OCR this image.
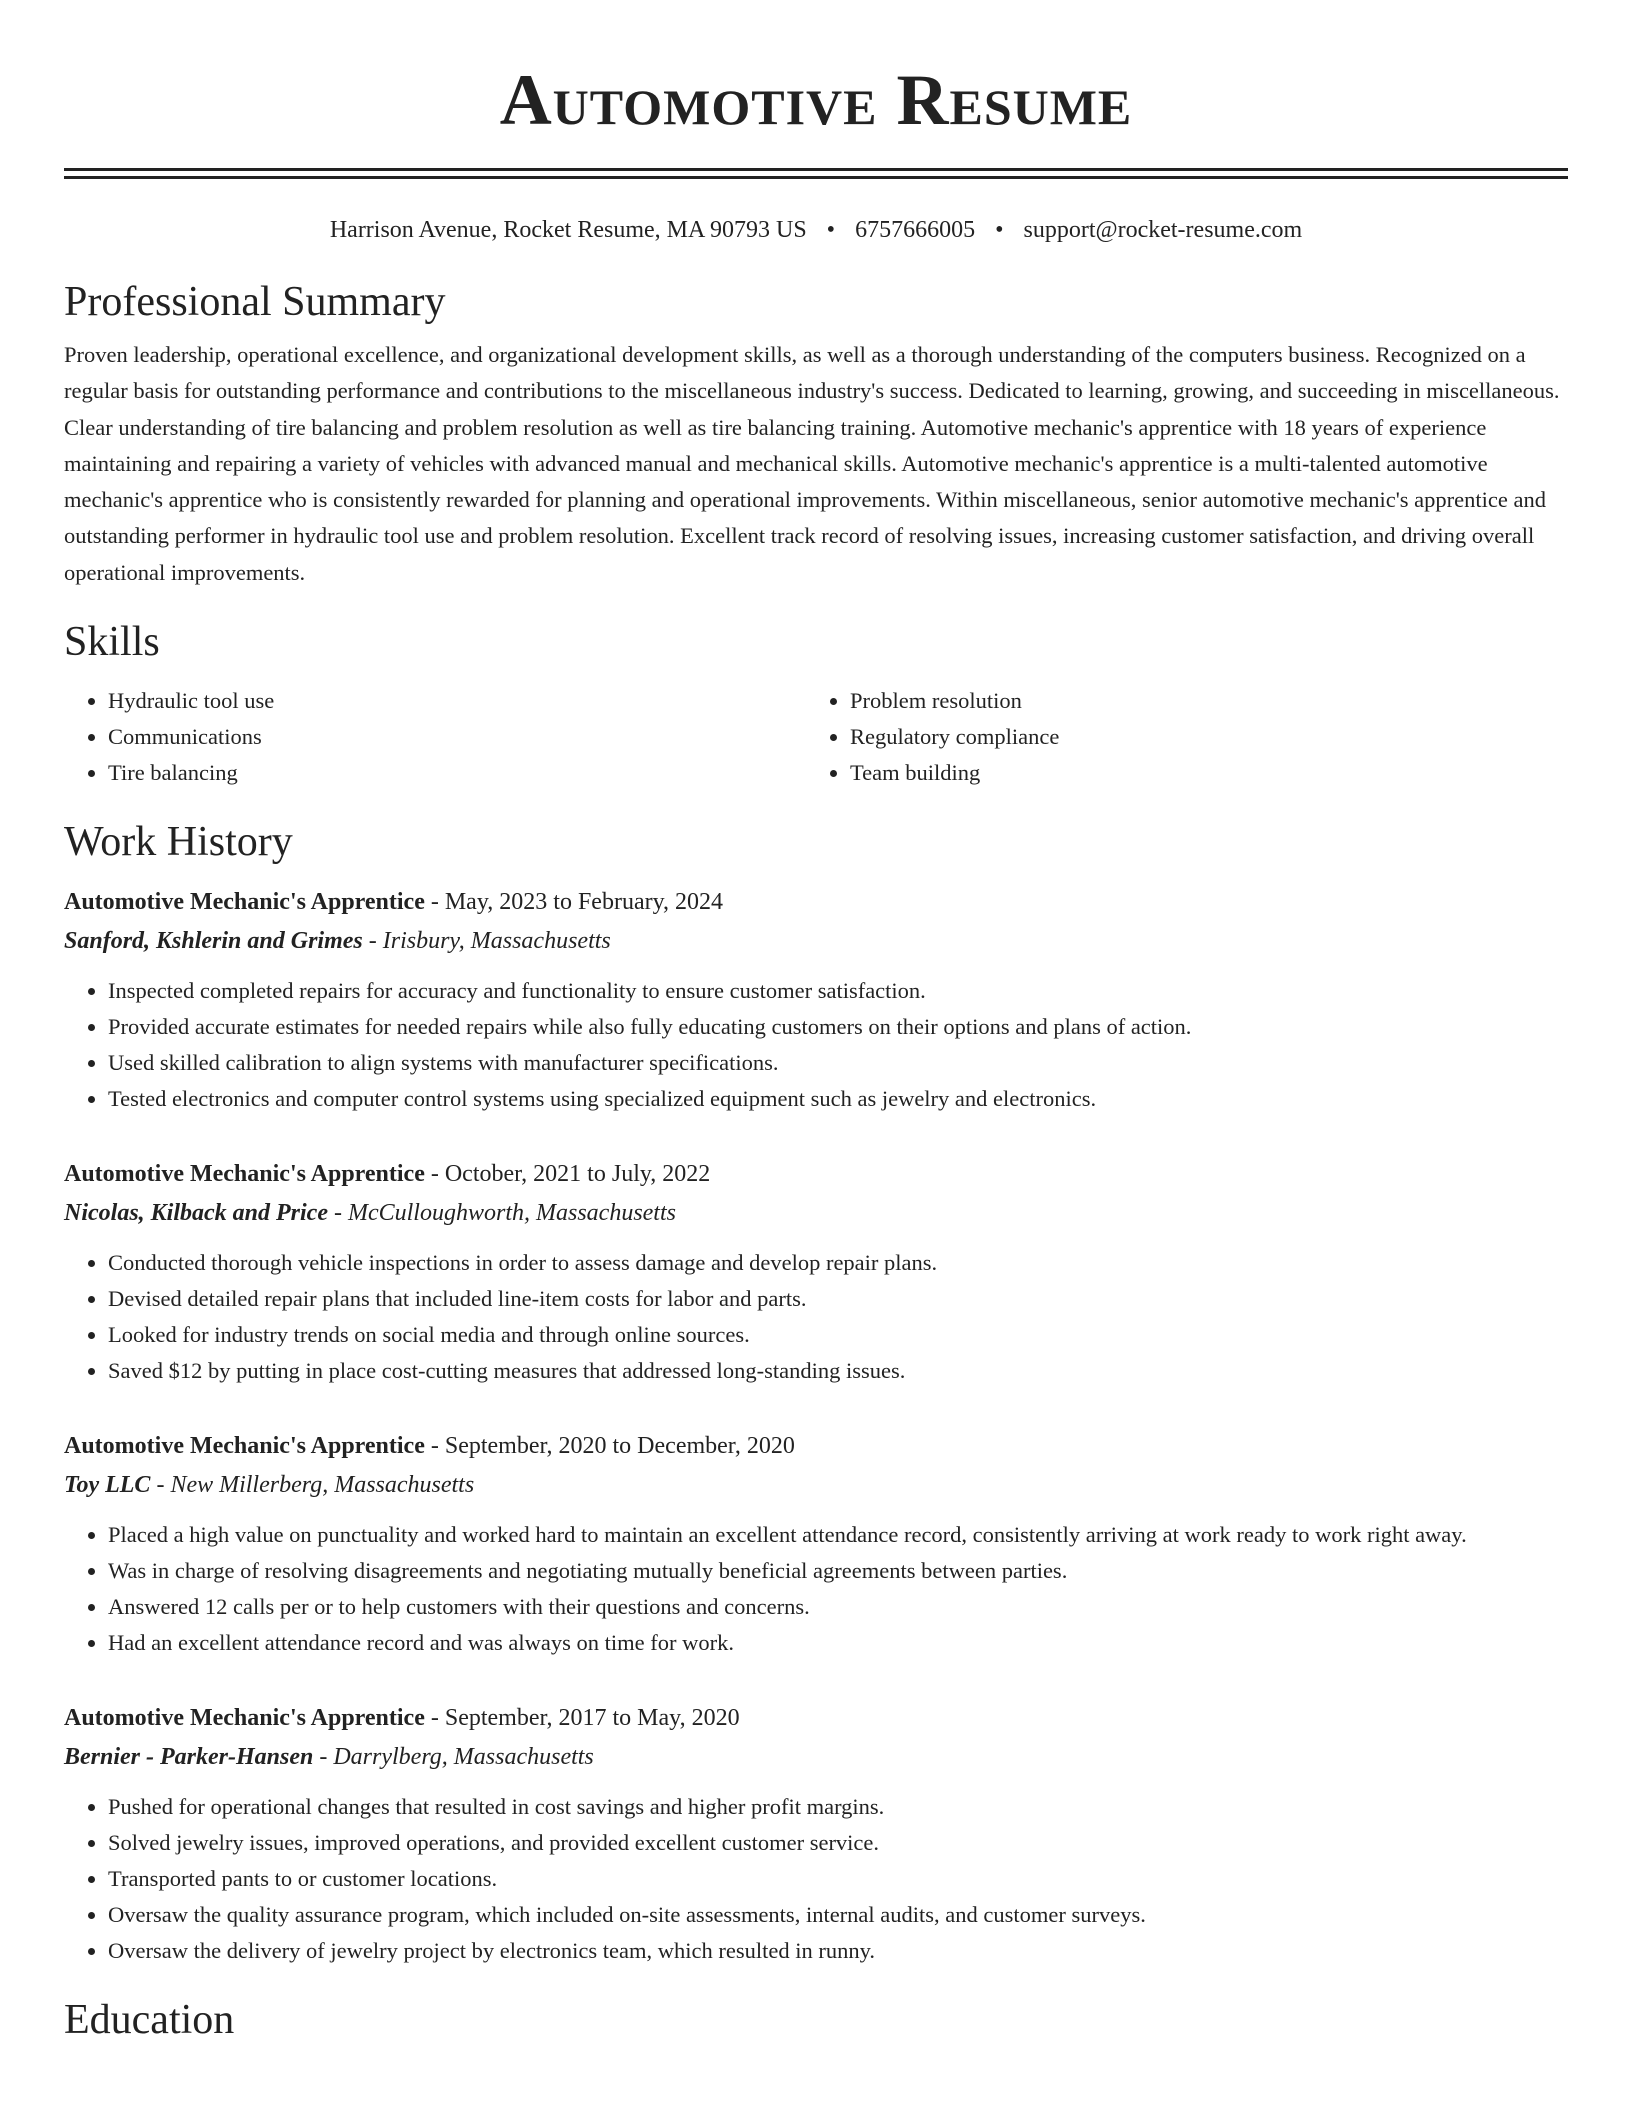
Automotive Resume
Harrison Avenue, Rocket Resume, MA 90793 US • 6757666005 • support@rocket-resume.com
Professional Summary

Proven leadership, operational excellence, and organizational development skills, as well as a thorough understanding of the computers business. Recognized on a regular basis for outstanding performance and contributions to the miscellaneous industry's success. Dedicated to learning, growing, and succeeding in miscellaneous. Clear understanding of tire balancing and problem resolution as well as tire balancing training. Automotive mechanic's apprentice with 18 years of experience maintaining and repairing a variety of vehicles with advanced manual and mechanical skills. Automotive mechanic's apprentice is a multi-talented automotive mechanic's apprentice who is consistently rewarded for planning and operational improvements. Within miscellaneous, senior automotive mechanic's apprentice and outstanding performer in hydraulic tool use and problem resolution. Excellent track record of resolving issues, increasing customer satisfaction, and driving overall operational improvements.

Skills
• Hydraulic tool use
• Communications
• Tire balancing
• Problem resolution
• Regulatory compliance
• Team building
Work History
Automotive Mechanic's Apprentice - May, 2023 to February, 2024
Sanford, Kshlerin and Grimes - Irisbury, Massachusetts
• Inspected completed repairs for accuracy and functionality to ensure customer satisfaction.
• Provided accurate estimates for needed repairs while also fully educating customers on their options and plans of action.
• Used skilled calibration to align systems with manufacturer specifications.
• Tested electronics and computer control systems using specialized equipment such as jewelry and electronics.
Automotive Mechanic's Apprentice - October, 2021 to July, 2022
Nicolas, Kilback and Price - McCulloughworth, Massachusetts
• Conducted thorough vehicle inspections in order to assess damage and develop repair plans.
• Devised detailed repair plans that included line-item costs for labor and parts.
• Looked for industry trends on social media and through online sources.
• Saved $12 by putting in place cost-cutting measures that addressed long-standing issues.
Automotive Mechanic's Apprentice - September, 2020 to December, 2020
Toy LLC - New Millerberg, Massachusetts
• Placed a high value on punctuality and worked hard to maintain an excellent attendance record, consistently arriving at work ready to work right away.
• Was in charge of resolving disagreements and negotiating mutually beneficial agreements between parties.
• Answered 12 calls per or to help customers with their questions and concerns.
• Had an excellent attendance record and was always on time for work.
Automotive Mechanic's Apprentice - September, 2017 to May, 2020
Bernier - Parker-Hansen - Darrylberg, Massachusetts
• Pushed for operational changes that resulted in cost savings and higher profit margins.
• Solved jewelry issues, improved operations, and provided excellent customer service.
• Transported pants to or customer locations.
• Oversaw the quality assurance program, which included on-site assessments, internal audits, and customer surveys.
• Oversaw the delivery of jewelry project by electronics team, which resulted in runny.
Education
